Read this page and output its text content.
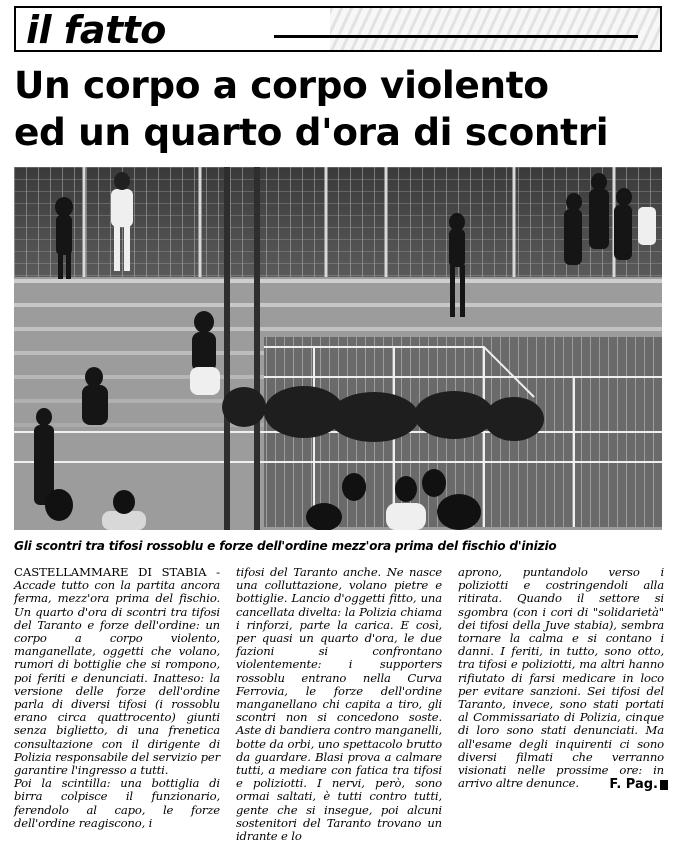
il fatto
Un corpo a corpo violento
ed un quarto d'ora di scontri
Gli scontri tra tifosi rossoblu e forze dell'ordine mezz'ora prima del fischio d'inizio

CASTELLAMMARE DI STABIA - Accade tutto con la partita ancora ferma, mezz'ora prima del fischio. Un quarto d'ora di scontri tra tifosi del Taranto e forze dell'ordine: un corpo a corpo violento, manganellate, oggetti che volano, rumori di bottiglie che si rompono, poi feriti e denunciati. Inatteso: la versione delle forze dell'ordine parla di diversi tifosi (i rossoblu erano circa quattrocento) giunti senza biglietto, di una frenetica consultazione con il dirigente di Polizia responsabile del servizio per garantire l'ingresso a tutti.

Poi la scintilla: una bottiglia di birra colpisce il funzionario, ferendolo al capo, le forze dell'ordine reagiscono, i

tifosi del Taranto anche. Ne nasce una colluttazione, volano pietre e bottiglie. Lancio d'oggetti fitto, una cancellata divelta: la Polizia chiama i rinforzi, parte la carica. E così, per quasi un quarto d'ora, le due fazioni si confrontano violentemente: i supporters rossoblu entrano nella Curva Ferrovia, le forze dell'ordine manganellano chi capita a tiro, gli scontri non si concedono soste. Aste di bandiera contro manganelli, botte da orbi, uno spettacolo brutto da guardare. Blasi prova a calmare tutti, a mediare con fatica tra tifosi e poliziotti. I nervi, però, sono ormai saltati, è tutti contro tutti, gente che si insegue, poi alcuni sostenitori del Taranto trovano un idrante e lo

aprono, puntandolo verso i poliziotti e costringendoli alla ritirata. Quando il settore si sgombra (con i cori di "solidarietà" dei tifosi della Juve stabia), sembra tornare la calma e si contano i danni. I feriti, in tutto, sono otto, tra tifosi e poliziotti, ma altri hanno rifiutato di farsi medicare in loco per evitare sanzioni. Sei tifosi del Taranto, invece, sono stati portati al Commissariato di Polizia, cinque di loro sono stati denunciati. Ma all'esame degli inquirenti ci sono diversi filmati che verranno visionati nelle prossime ore: in arrivo altre denunce.	F. Pag.
